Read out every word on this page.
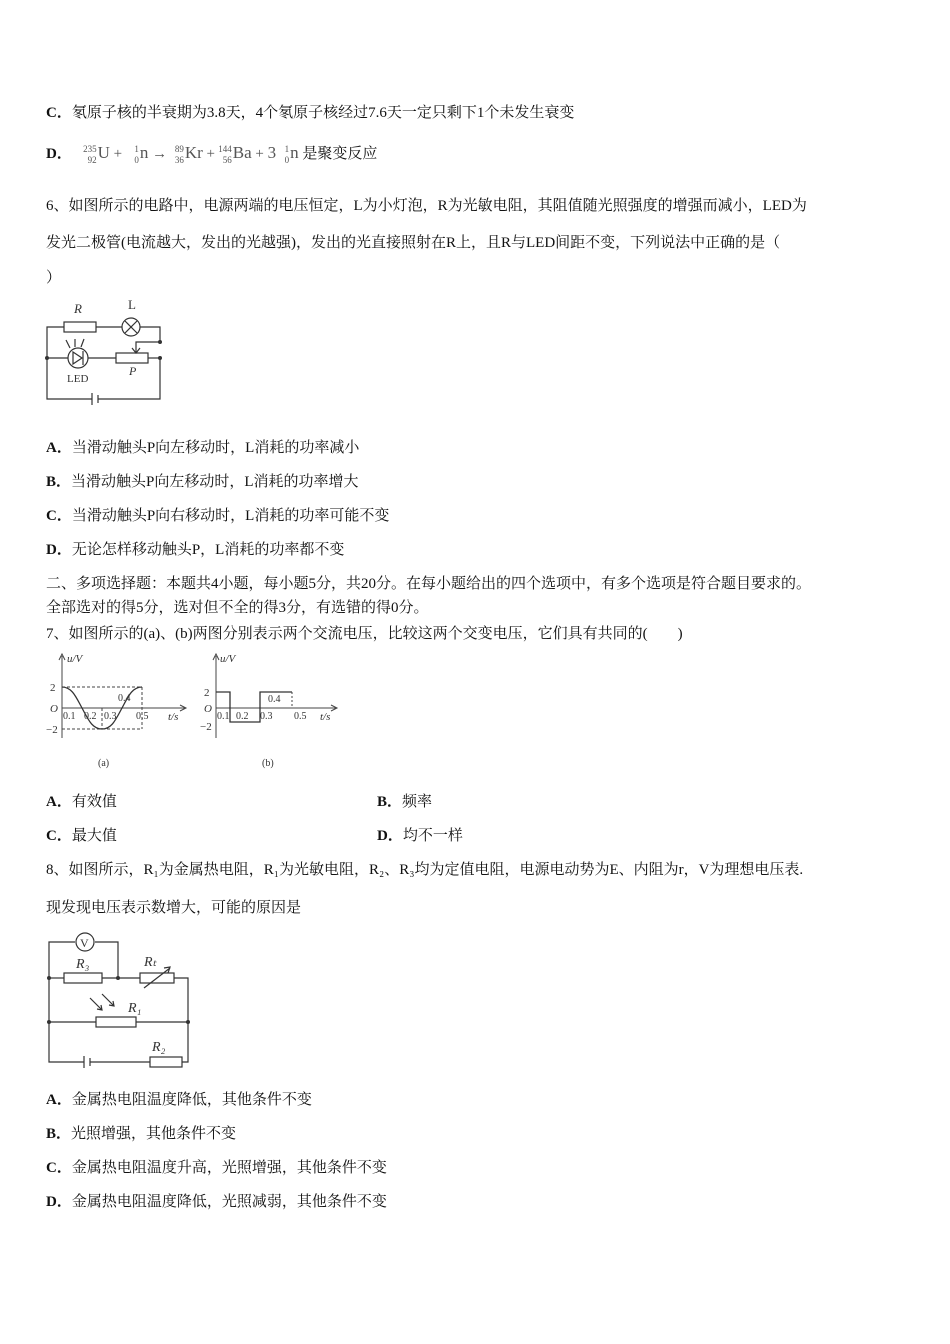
C．氡原子核的半衰期为3.8天，4个氡原子核经过7.6天一定只剩下1个未发生衰变
D． 235
92 U + 1
0 n → 89
36 Kr + 144
56 Ba + 3 1
0 n 是聚变反应
6、如图所示的电路中，电源两端的电压恒定，L为小灯泡，R为光敏电阻，其阻值随光照强度的增强而减小，LED为
发光二极管(电流越大，发出的光越强)，发出的光直接照射在R上，且R与LED间距不变，下列说法中正确的是（
）
R	L
LED
P
A．当滑动触头P向左移动时，L消耗的功率减小
B．当滑动触头P向左移动时，L消耗的功率增大
C．当滑动触头P向右移动时，L消耗的功率可能不变
D．无论怎样移动触头P，L消耗的功率都不变
二、多项选择题：本题共4小题，每小题5分，共20分。在每小题给出的四个选项中，有多个选项是符合题目要求的。
全部选对的得5分，选对但不全的得3分，有选错的得0分。
7、如图所示的(a)、(b)两图分别表示两个交流电压，比较这两个交变电压，它们具有共同的(　　)
u/V
t/s
O
2
−2
0.1 0.2 0.3
0.4
0.5
(a)
u/V
t/s
O
2
−2
0.1 0.2 0.3
0.4
0.5
(b)
A．有效值	B．频率
C．最大值	D．均不一样
8、如图所示，R₁为金属热电阻，R₁为光敏电阻，R₂、R₃均为定值电阻，电源电动势为E、内阻为r，V为理想电压表.
现发现电压表示数增大，可能的原因是
V
R₃	Rₜ
R₁
R₂
A．金属热电阻温度降低，其他条件不变
B．光照增强，其他条件不变
C．金属热电阻温度升高，光照增强，其他条件不变
D．金属热电阻温度降低，光照减弱，其他条件不变
